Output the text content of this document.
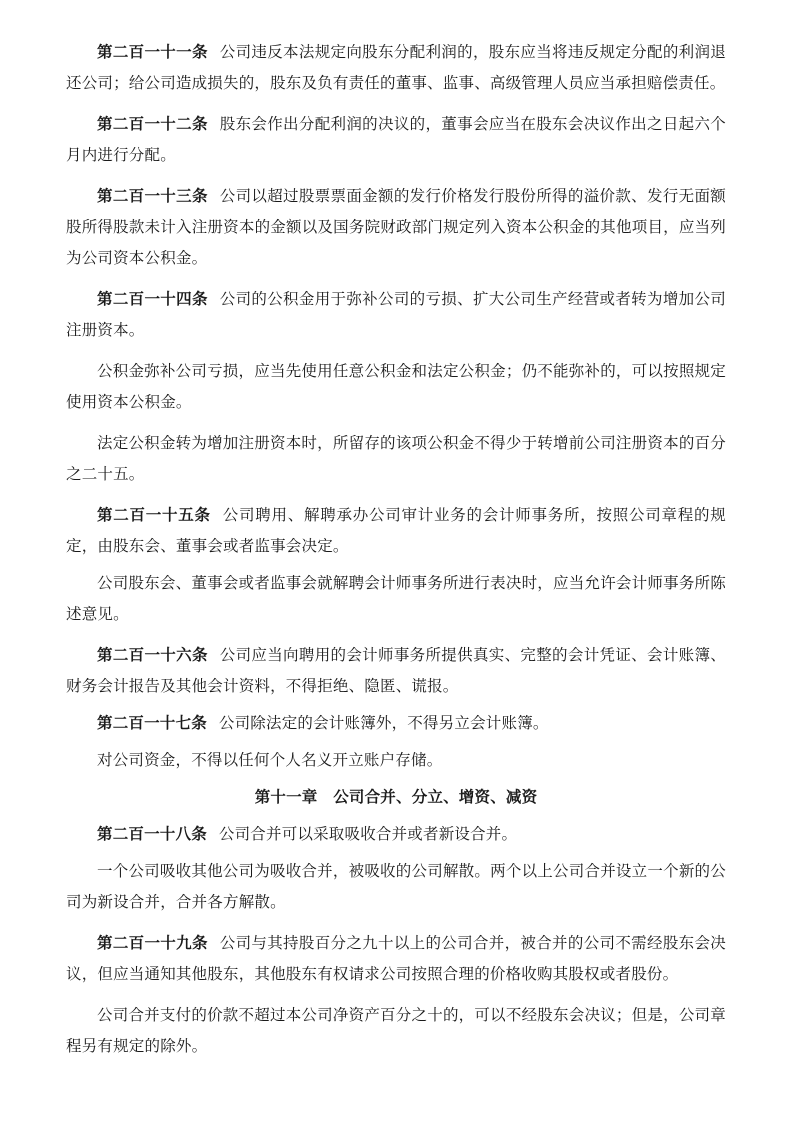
第二百一十一条 公司违反本法规定向股东分配利润的，股东应当将违反规定分配的利润退还公司；给公司造成损失的，股东及负有责任的董事、监事、高级管理人员应当承担赔偿责任。

第二百一十二条 股东会作出分配利润的决议的，董事会应当在股东会决议作出之日起六个月内进行分配。

第二百一十三条 公司以超过股票票面金额的发行价格发行股份所得的溢价款、发行无面额股所得股款未计入注册资本的金额以及国务院财政部门规定列入资本公积金的其他项目，应当列为公司资本公积金。

第二百一十四条 公司的公积金用于弥补公司的亏损、扩大公司生产经营或者转为增加公司注册资本。

公积金弥补公司亏损，应当先使用任意公积金和法定公积金；仍不能弥补的，可以按照规定使用资本公积金。

法定公积金转为增加注册资本时，所留存的该项公积金不得少于转增前公司注册资本的百分之二十五。

第二百一十五条 公司聘用、解聘承办公司审计业务的会计师事务所，按照公司章程的规定，由股东会、董事会或者监事会决定。

公司股东会、董事会或者监事会就解聘会计师事务所进行表决时，应当允许会计师事务所陈述意见。

第二百一十六条 公司应当向聘用的会计师事务所提供真实、完整的会计凭证、会计账簿、财务会计报告及其他会计资料，不得拒绝、隐匿、谎报。

第二百一十七条 公司除法定的会计账簿外，不得另立会计账簿。

对公司资金，不得以任何个人名义开立账户存储。

第十一章　公司合并、分立、增资、减资

第二百一十八条 公司合并可以采取吸收合并或者新设合并。

一个公司吸收其他公司为吸收合并，被吸收的公司解散。两个以上公司合并设立一个新的公司为新设合并，合并各方解散。

第二百一十九条 公司与其持股百分之九十以上的公司合并，被合并的公司不需经股东会决议，但应当通知其他股东，其他股东有权请求公司按照合理的价格收购其股权或者股份。

公司合并支付的价款不超过本公司净资产百分之十的，可以不经股东会决议；但是，公司章程另有规定的除外。
